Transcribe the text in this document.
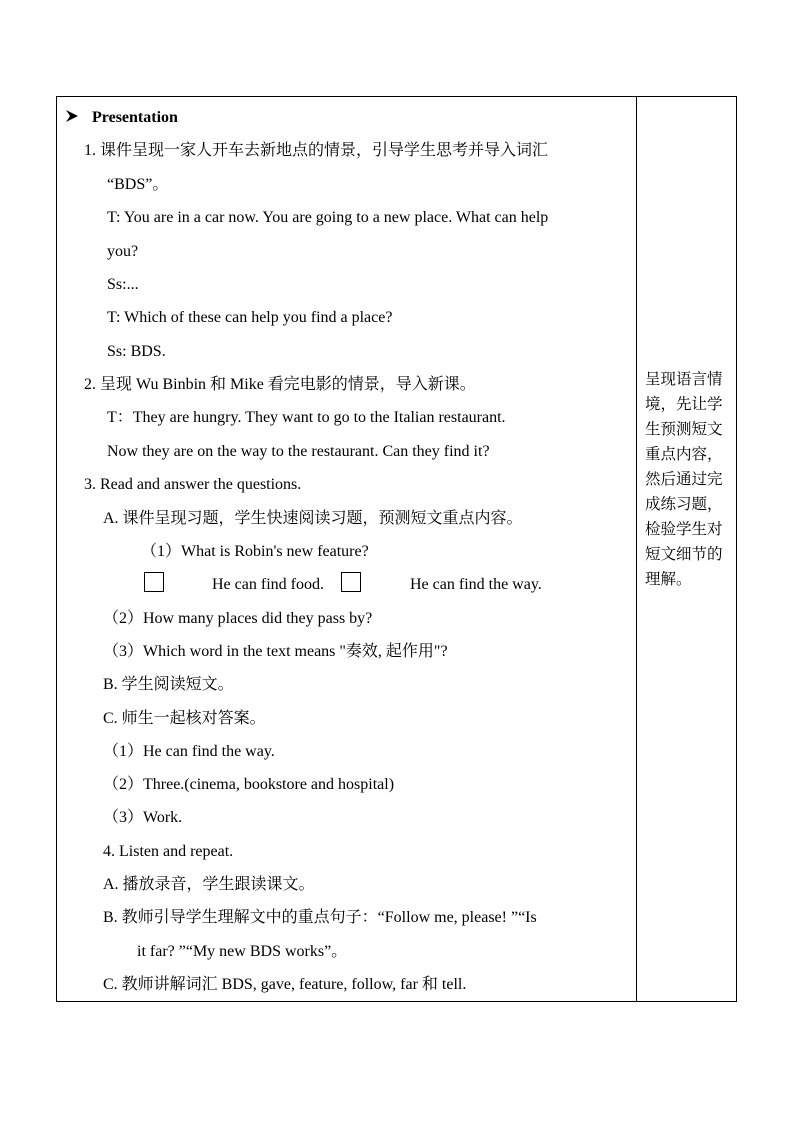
Presentation
1. 课件呈现一家人开车去新地点的情景，引导学生思考并导入词汇
“BDS”。
T: You are in a car now. You are going to a new place. What can help
you?
Ss:...
T: Which of these can help you find a place?
Ss: BDS.
2. 呈现 Wu Binbin 和 Mike 看完电影的情景，导入新课。
T：They are hungry. They want to go to the Italian restaurant.
Now they are on the way to the restaurant. Can they find it?
3. Read and answer the questions.
A. 课件呈现习题，学生快速阅读习题，预测短文重点内容。
（1）What is Robin's new feature?
He can find food.	He can find the way.
（2）How many places did they pass by?
（3）Which word in the text means "奏效, 起作用"?
B. 学生阅读短文。
C. 师生一起核对答案。
（1）He can find the way.
（2）Three.(cinema, bookstore and hospital)
（3）Work.
4. Listen and repeat.
A. 播放录音，学生跟读课文。
B. 教师引导学生理解文中的重点句子：“Follow me, please! ”“Is
it far? ”“My new BDS works”。
C. 教师讲解词汇 BDS, gave, feature, follow, far 和 tell.
呈现语言情境，先让学生预测短文重点内容，然后通过完成练习题，检验学生对短文细节的理解。
